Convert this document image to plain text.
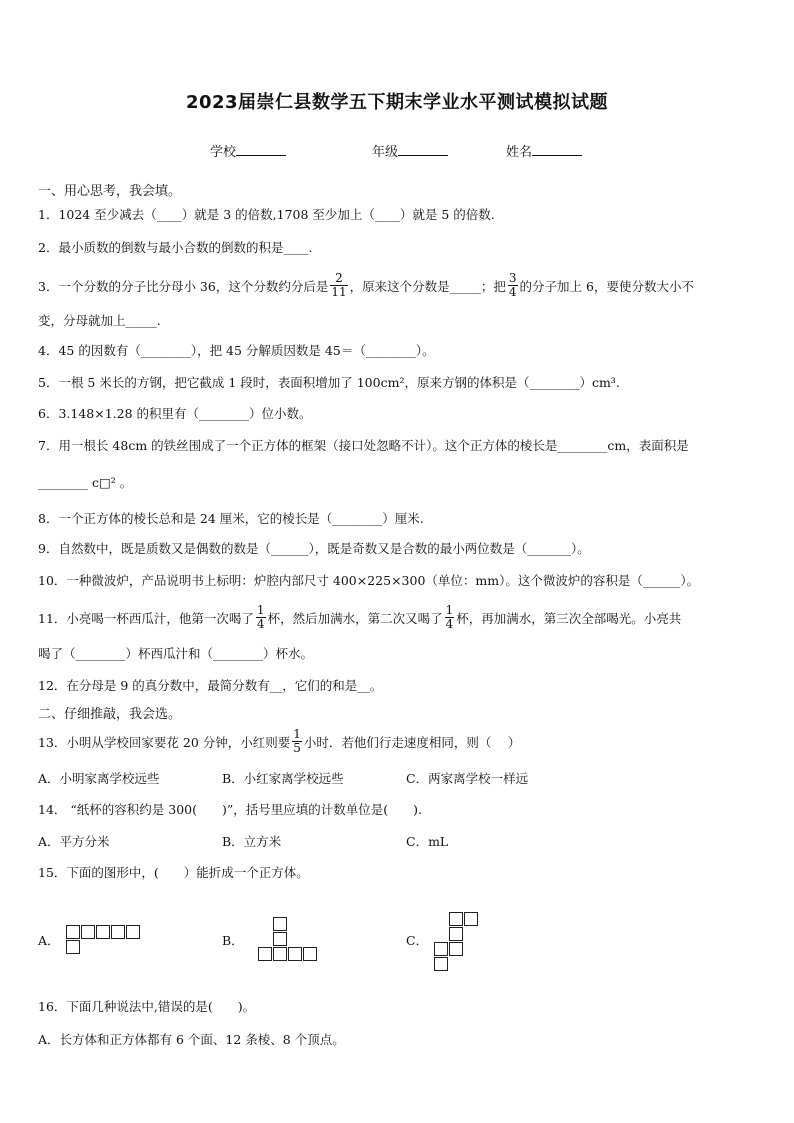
2023届崇仁县数学五下期末学业水平测试模拟试题
学校	年级	姓名
一、用心思考，我会填。
1．1024 至少减去（____）就是 3 的倍数,1708 至少加上（____）就是 5 的倍数.
2．最小质数的倒数与最小合数的倒数的积是____.
3．一个分数的分子比分母小 36，这个分数约分后是 $\frac{2}{11}$ ，原来这个分数是_____；把 $\frac{3}{4}$ 的分子加上 6，要使分数大小不
变，分母就加上_____.
4．45 的因数有（________），把 45 分解质因数是 45＝（________）。
5．一根 5 米长的方钢，把它截成 1 段时，表面积增加了 100cm²，原来方钢的体积是（________）cm³.
6．3.148×1.28 的积里有（________）位小数。
7．用一根长 48cm 的铁丝围成了一个正方体的框架（接口处忽略不计）。这个正方体的棱长是________cm，表面积是
________ c□² 。
8．一个正方体的棱长总和是 24 厘米，它的棱长是（________）厘米.
9．自然数中，既是质数又是偶数的数是（______），既是奇数又是合数的最小两位数是（_______）。
10．一种微波炉，产品说明书上标明：炉腔内部尺寸 400×225×300（单位：mm）。这个微波炉的容积是（______）。
11．小亮喝一杯西瓜汁，他第一次喝了 $\frac{1}{4}$ 杯，然后加满水，第二次又喝了 $\frac{1}{4}$ 杯，再加满水，第三次全部喝光。小亮共
喝了（________）杯西瓜汁和（________）杯水。
12．在分母是 9 的真分数中，最简分数有__，它们的和是__。
二、仔细推敲，我会选。
13．小明从学校回家要花 20 分钟，小红则要 $\frac{1}{5}$ 小时．若他们行走速度相同，则（　 ）
A．小明家离学校远些	B．小红家离学校远些	C．两家离学校一样远
14． “纸杯的容积约是 300(　　)”，括号里应填的计数单位是(　　).
A．平方分米	B．立方米	C．mL
15．下面的图形中，(　　）能折成一个正方体。
A．	B．	C．
16．下面几种说法中,错误的是(　　)。
A．长方体和正方体都有 6 个面、12 条棱、8 个顶点。
